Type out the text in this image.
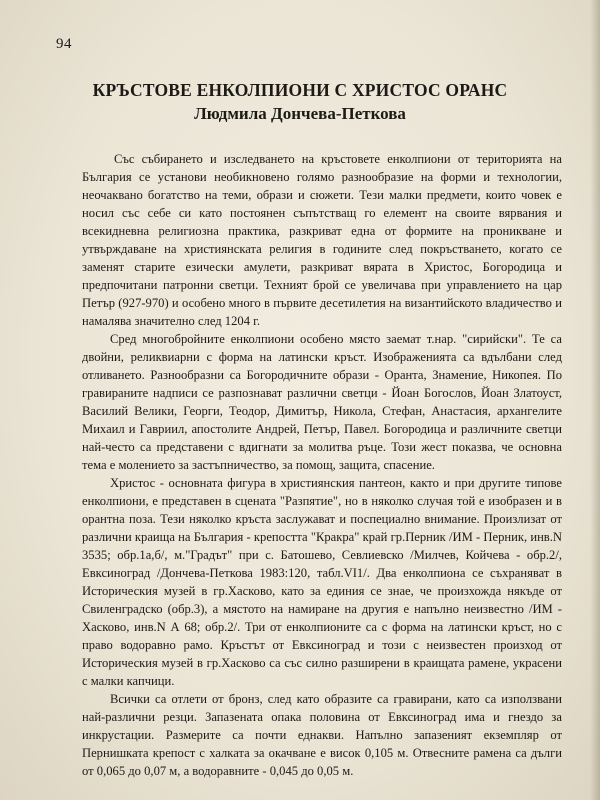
94
КРЪСТОВЕ ЕНКОЛПИОНИ С ХРИСТОС ОРАНС
Людмила Дончева-Петкова

Със събирането и изследването на кръстовете енколпиони от територията на България се установи необикновено голямо разнообразие на форми и технологии, неочаквано богатство на теми, образи и сюжети. Тези малки предмети, които човек е носил със себе си като постоянен съпътстващ го елемент на своите вярвания и всекидневна религиозна практика, разкриват една от формите на проникване и утвърждаване на християнската религия в годините след покръстването, когато се заменят старите езически амулети, разкриват вярата в Христос, Богородица и предпочитани патронни светци. Техният брой се увеличава при управлението на цар Петър (927-970) и особено много в първите десетилетия на византийското владичество и намалява значително след 1204 г.

Сред многобройните енколпиони особено място заемат т.нар. "сирийски". Те са двойни, реликвиарни с форма на латински кръст. Изображенията са вдълбани след отливането. Разнообразни са Богородичните образи - Оранта, Знамение, Никопея. По гравираните надписи се разпознават различни светци - Йоан Богослов, Йоан Златоуст, Василий Велики, Георги, Теодор, Димитър, Никола, Стефан, Анастасия, архангелите Михаил и Гавриил, апостолите Андрей, Петър, Павел. Богородица и различните светци най-често са представени с вдигнати за молитва ръце. Този жест показва, че основна тема е молението за застъпничество, за помощ, защита, спасение.

Христос - основната фигура в християнския пантеон, както и при другите типове енколпиони, е представен в сцената "Разпятие", но в няколко случая той е изобразен и в орантна поза. Тези няколко кръста заслужават и поспециално внимание. Произлизат от различни краища на България - крепостта "Кракра" край гр.Перник /ИМ - Перник, инв.N 3535; обр.1а,б/, м."Градът" при с. Батошево, Севлиевско /Милчев, Койчева - обр.2/, Евксиноград /Дончева-Петкова 1983:120, табл.VI1/. Два енколпиона се съхраняват в Историческия музей в гр.Хасково, като за единия се знае, че произхожда някъде от Свиленградско (обр.3), а мястото на намиране на другия е напълно неизвестно /ИМ - Хасково, инв.N А 68; обр.2/. Три от енколпионите са с форма на латински кръст, но с право водоравно рамо. Кръстът от Евксиноград и този с неизвестен произход от Историческия музей в гр.Хасково са със силно разширени в краищата рамене, украсени с малки капчици.

Всички са отлети от бронз, след като образите са гравирани, като са използвани най-различни резци. Запазената опака половина от Евксиноград има и гнездо за инкрустации. Размерите са почти еднакви. Напълно запазеният екземпляр от Пернишката крепост с халката за окачване е висок 0,105 м. Отвесните рамена са дълги от 0,065 до 0,07 м, а водоравните - 0,045 до 0,05 м.
